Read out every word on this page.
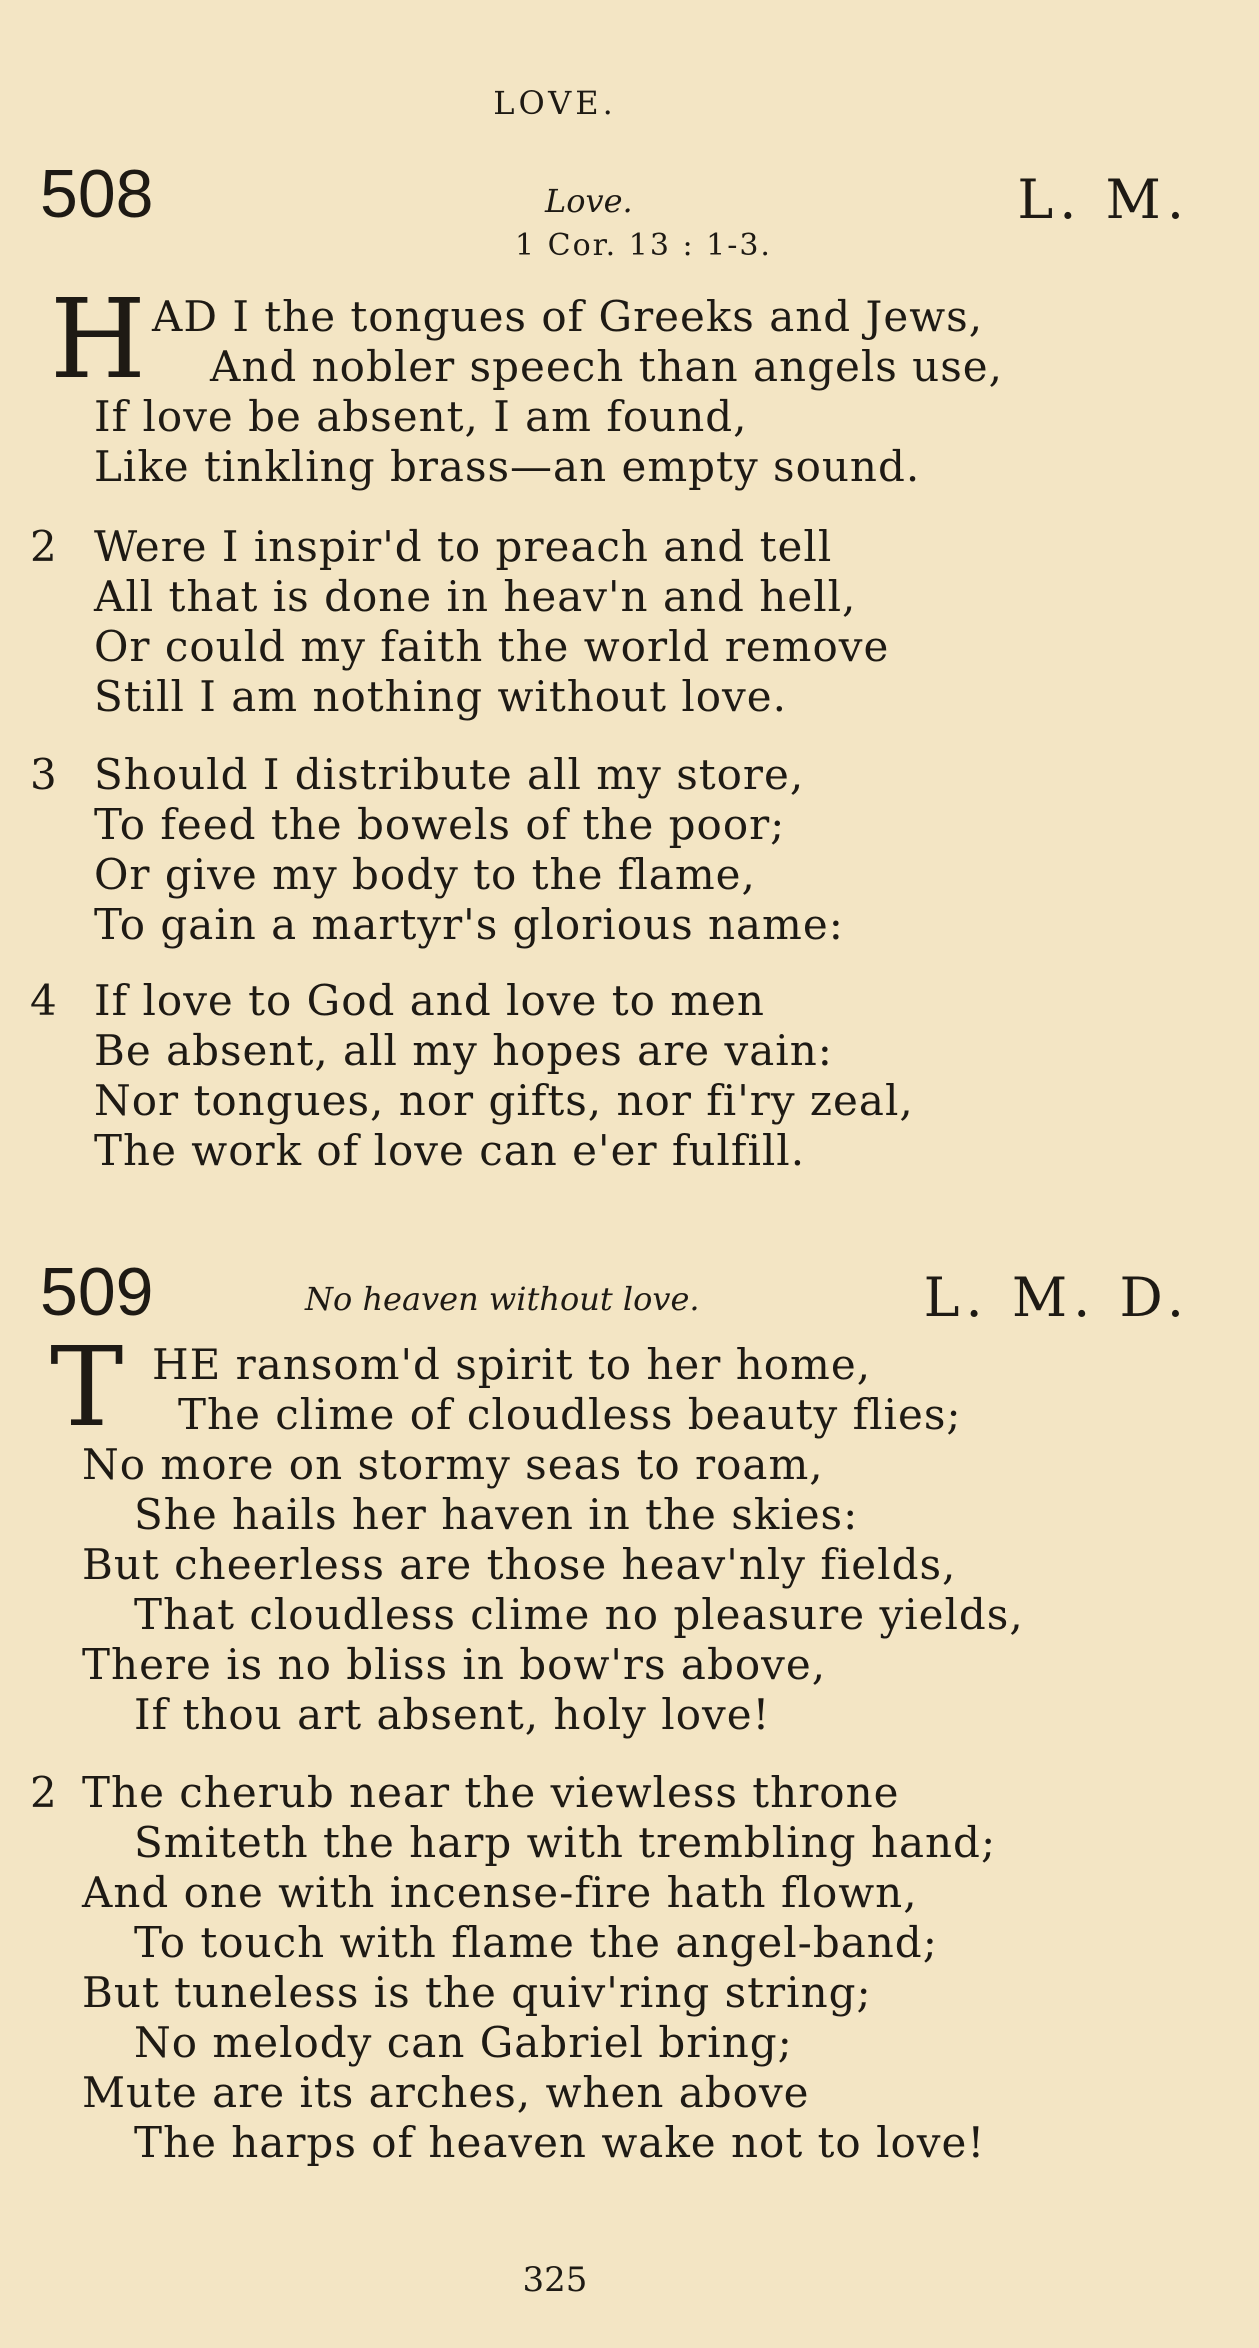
LOVE.
508	Love.	L. M.
1 Cor. 13 : 1-3.
H AD I the tongues of Greeks and Jews,
And nobler speech than angels use,
If love be absent, I am found,
Like tinkling brass—an empty sound.
2 Were I inspir'd to preach and tell
All that is done in heav'n and hell,
Or could my faith the world remove
Still I am nothing without love.
3 Should I distribute all my store,
To feed the bowels of the poor;
Or give my body to the flame,
To gain a martyr's glorious name:
4 If love to God and love to men
Be absent, all my hopes are vain:
Nor tongues, nor gifts, nor fi'ry zeal,
The work of love can e'er fulfill.
509	No heaven without love.	L. M. D.
T HE ransom'd spirit to her home,
The clime of cloudless beauty flies;
No more on stormy seas to roam,
She hails her haven in the skies:
But cheerless are those heav'nly fields,
That cloudless clime no pleasure yields,
There is no bliss in bow'rs above,
If thou art absent, holy love!
2 The cherub near the viewless throne
Smiteth the harp with trembling hand;
And one with incense-fire hath flown,
To touch with flame the angel-band;
But tuneless is the quiv'ring string;
No melody can Gabriel bring;
Mute are its arches, when above
The harps of heaven wake not to love!
325
